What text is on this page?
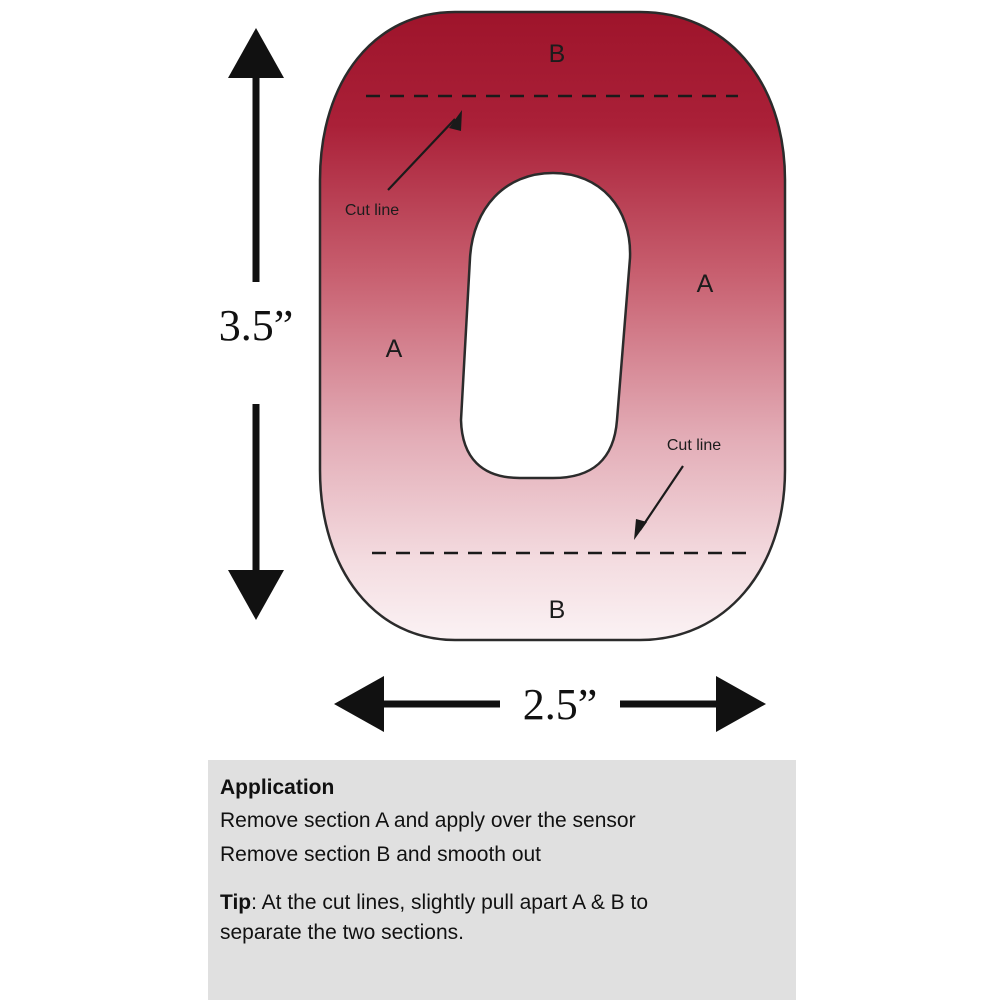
Cut line
Cut line
B
A
A
B
3.5”
2.5”

Application

Remove section A and apply over the sensor

Remove section B and smooth out

Tip: At the cut lines, slightly pull apart A & B to

separate the two sections.
